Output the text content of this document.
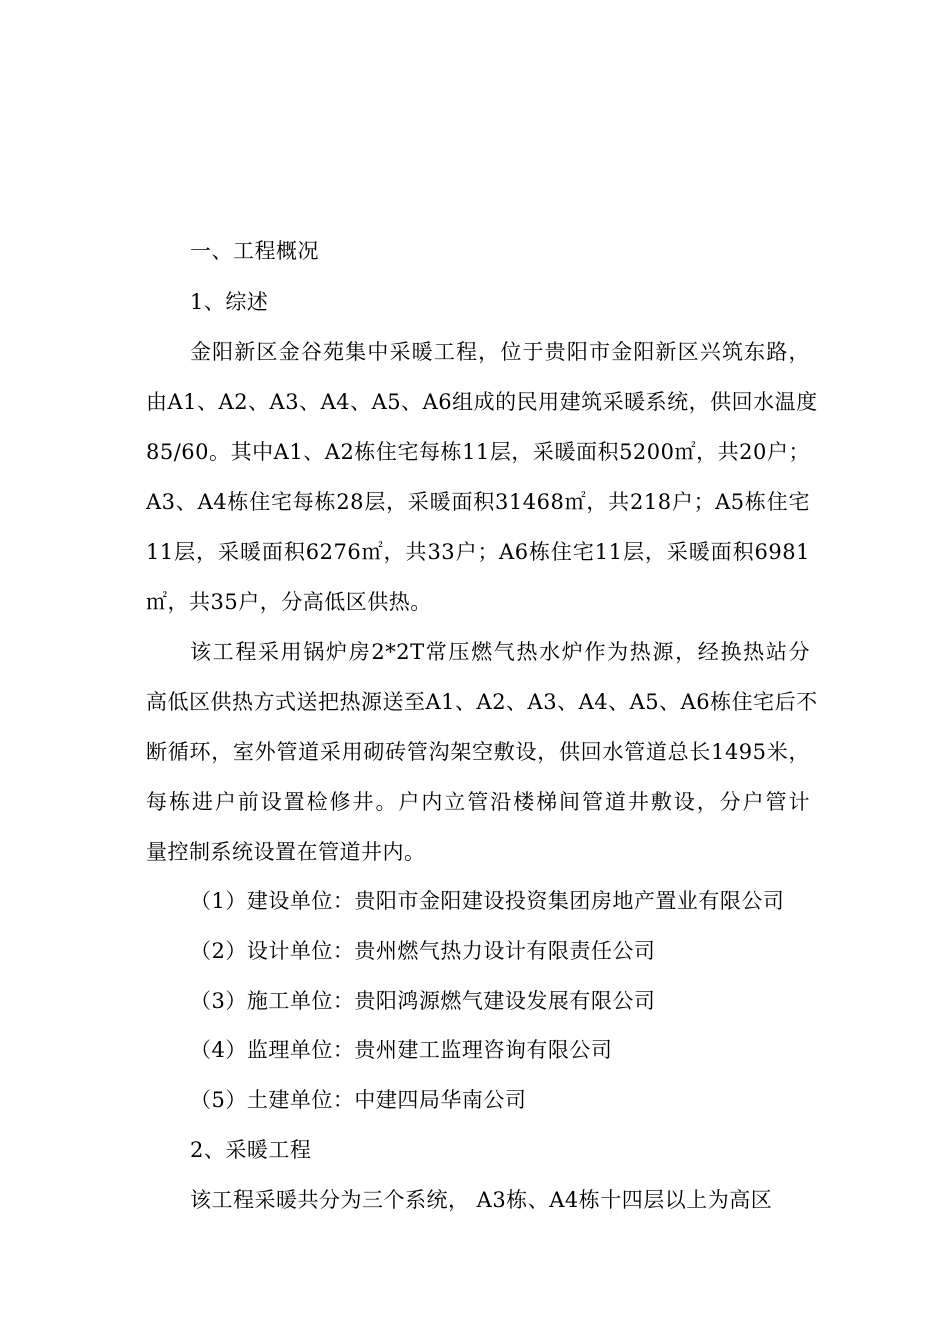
一、工程概况
1、综述
金阳新区金谷苑集中采暖工程，位于贵阳市金阳新区兴筑东路，
由A1、A2、A3、A4、A5、A6组成的民用建筑采暖系统，供回水温度
85/60。其中A1、A2栋住宅每栋11层，采暖面积5200㎡，共20户；
A3、A4栋住宅每栋28层，采暖面积31468㎡，共218户；A5栋住宅
11层，采暖面积6276㎡，共33户；A6栋住宅11层，采暖面积6981
㎡，共35户，分高低区供热。
该工程采用锅炉房2*2T常压燃气热水炉作为热源，经换热站分
高低区供热方式送把热源送至A1、A2、A3、A4、A5、A6栋住宅后不
断循环，室外管道采用砌砖管沟架空敷设，供回水管道总长1495米，
每栋进户前设置检修井。户内立管沿楼梯间管道井敷设，分户管计
量控制系统设置在管道井内。
（1）建设单位：贵阳市金阳建设投资集团房地产置业有限公司
（2）设计单位：贵州燃气热力设计有限责任公司
（3）施工单位：贵阳鸿源燃气建设发展有限公司
（4）监理单位：贵州建工监理咨询有限公司
（5）土建单位：中建四局华南公司
2、采暖工程
该工程采暖共分为三个系统， A3栋、A4栋十四层以上为高区
